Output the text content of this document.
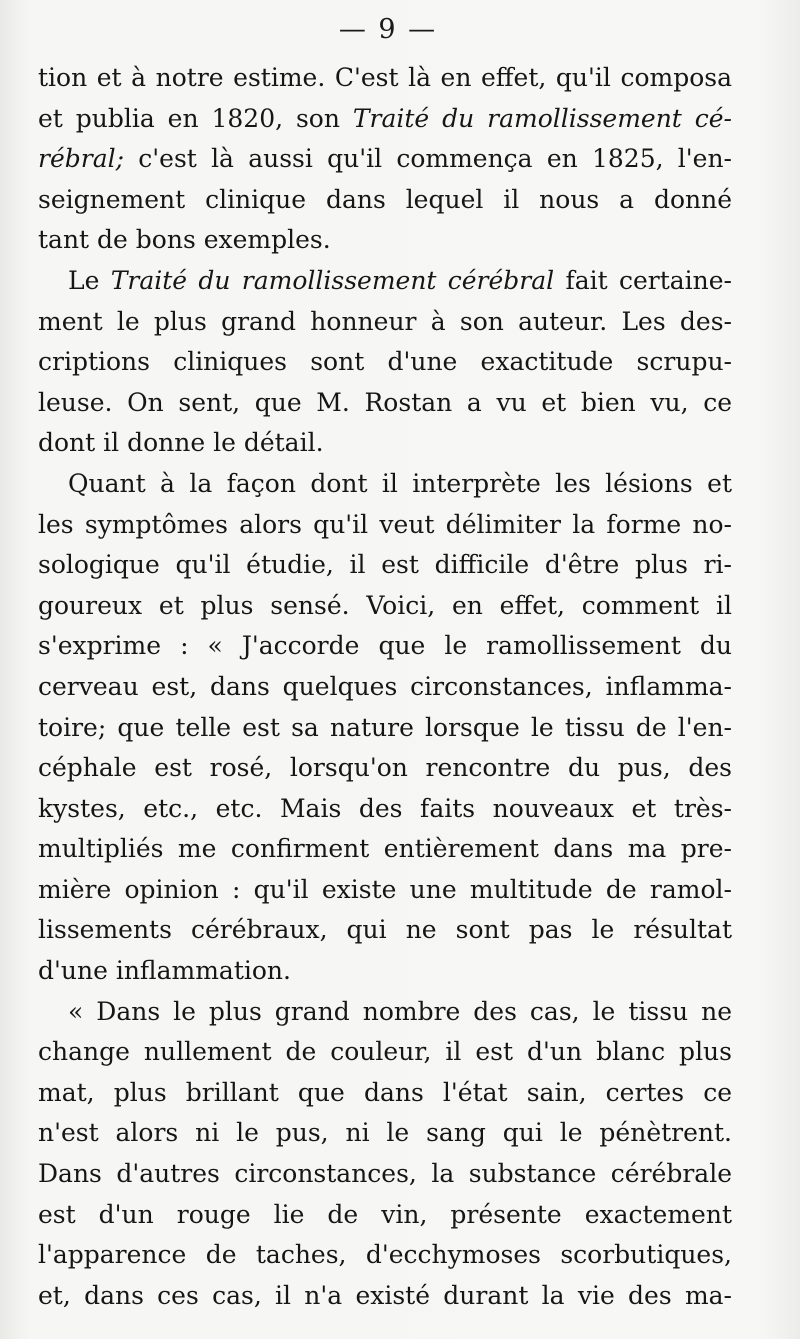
— 9 —
tion et à notre estime. C'est là en effet, qu'il composa
et publia en 1820, son Traité du ramollissement cé-
rébral; c'est là aussi qu'il commença en 1825, l'en-
seignement clinique dans lequel il nous a donné
tant de bons exemples.
Le Traité du ramollissement cérébral fait certaine-
ment le plus grand honneur à son auteur. Les des-
criptions cliniques sont d'une exactitude scrupu-
leuse. On sent, que M. Rostan a vu et bien vu, ce
dont il donne le détail.
Quant à la façon dont il interprète les lésions et
les symptômes alors qu'il veut délimiter la forme no-
sologique qu'il étudie, il est difficile d'être plus ri-
goureux et plus sensé. Voici, en effet, comment il
s'exprime : « J'accorde que le ramollissement du
cerveau est, dans quelques circonstances, inflamma-
toire; que telle est sa nature lorsque le tissu de l'en-
céphale est rosé, lorsqu'on rencontre du pus, des
kystes, etc., etc. Mais des faits nouveaux et très-
multipliés me confirment entièrement dans ma pre-
mière opinion : qu'il existe une multitude de ramol-
lissements cérébraux, qui ne sont pas le résultat
d'une inflammation.
« Dans le plus grand nombre des cas, le tissu ne
change nullement de couleur, il est d'un blanc plus
mat, plus brillant que dans l'état sain, certes ce
n'est alors ni le pus, ni le sang qui le pénètrent.
Dans d'autres circonstances, la substance cérébrale
est d'un rouge lie de vin, présente exactement
l'apparence de taches, d'ecchymoses scorbutiques,
et, dans ces cas, il n'a existé durant la vie des ma-
